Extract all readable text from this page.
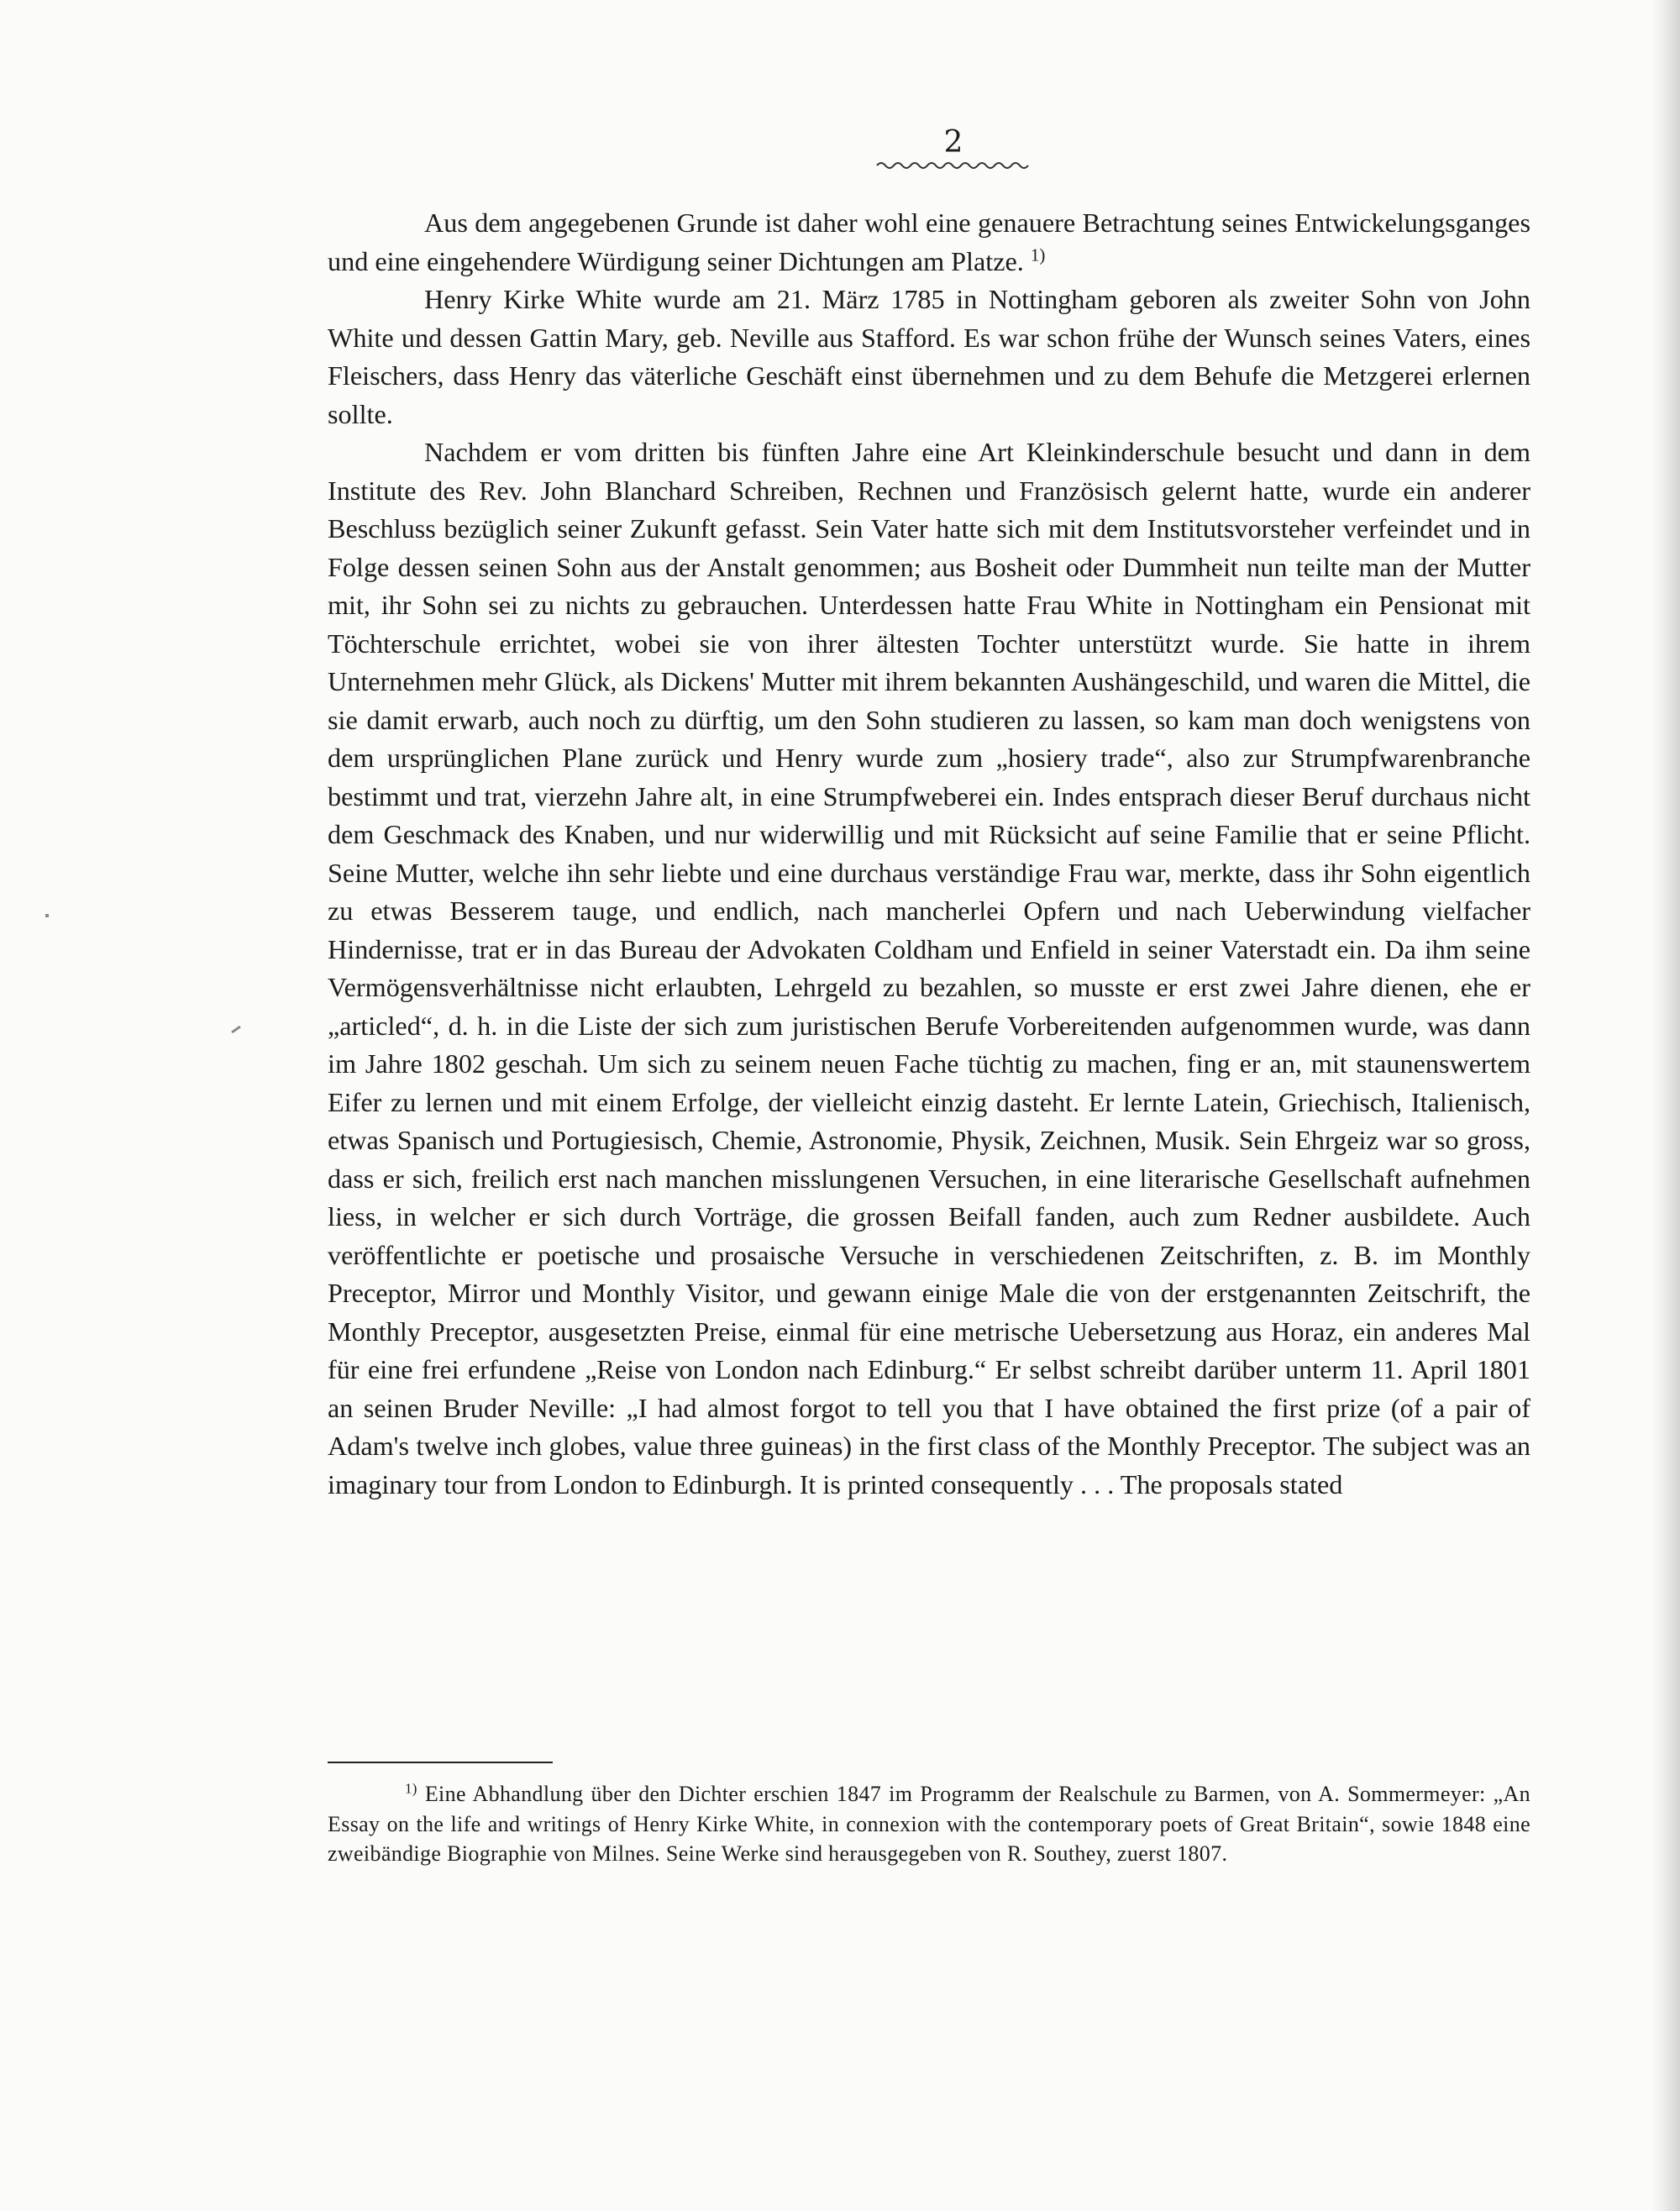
2

Aus dem angegebenen Grunde ist daher wohl eine genauere Betrachtung seines Entwickelungsganges und eine eingehendere Würdigung seiner Dichtungen am Platze. $^{1)}$

Henry Kirke White wurde am 21. März 1785 in Nottingham geboren als zweiter Sohn von John White und dessen Gattin Mary, geb. Neville aus Stafford. Es war schon frühe der Wunsch seines Vaters, eines Fleischers, dass Henry das väterliche Geschäft einst übernehmen und zu dem Behufe die Metzgerei erlernen sollte.

Nachdem er vom dritten bis fünften Jahre eine Art Kleinkinderschule besucht und dann in dem Institute des Rev. John Blanchard Schreiben, Rechnen und Französisch gelernt hatte, wurde ein anderer Beschluss bezüglich seiner Zukunft gefasst. Sein Vater hatte sich mit dem Institutsvorsteher verfeindet und in Folge dessen seinen Sohn aus der Anstalt genommen; aus Bosheit oder Dummheit nun teilte man der Mutter mit, ihr Sohn sei zu nichts zu gebrauchen. Unterdessen hatte Frau White in Nottingham ein Pensionat mit Töchterschule errichtet, wobei sie von ihrer ältesten Tochter unterstützt wurde. Sie hatte in ihrem Unternehmen mehr Glück, als Dickens' Mutter mit ihrem bekannten Aushängeschild, und waren die Mittel, die sie damit erwarb, auch noch zu dürftig, um den Sohn studieren zu lassen, so kam man doch wenigstens von dem ursprünglichen Plane zurück und Henry wurde zum „hosiery trade“, also zur Strumpfwarenbranche bestimmt und trat, vierzehn Jahre alt, in eine Strumpfweberei ein. Indes entsprach dieser Beruf durchaus nicht dem Geschmack des Knaben, und nur widerwillig und mit Rücksicht auf seine Familie that er seine Pflicht. Seine Mutter, welche ihn sehr liebte und eine durchaus verständige Frau war, merkte, dass ihr Sohn eigentlich zu etwas Besserem tauge, und endlich, nach mancherlei Opfern und nach Ueberwindung vielfacher Hindernisse, trat er in das Bureau der Advokaten Coldham und Enfield in seiner Vaterstadt ein. Da ihm seine Vermögensverhältnisse nicht erlaubten, Lehrgeld zu bezahlen, so musste er erst zwei Jahre dienen, ehe er „articled“, d. h. in die Liste der sich zum juristischen Berufe Vorbereitenden aufgenommen wurde, was dann im Jahre 1802 geschah. Um sich zu seinem neuen Fache tüchtig zu machen, fing er an, mit staunenswertem Eifer zu lernen und mit einem Erfolge, der vielleicht einzig dasteht. Er lernte Latein, Griechisch, Italienisch, etwas Spanisch und Portugiesisch, Chemie, Astronomie, Physik, Zeichnen, Musik. Sein Ehrgeiz war so gross, dass er sich, freilich erst nach manchen misslungenen Versuchen, in eine literarische Gesellschaft aufnehmen liess, in welcher er sich durch Vorträge, die grossen Beifall fanden, auch zum Redner ausbildete. Auch veröffentlichte er poetische und prosaische Versuche in verschiedenen Zeitschriften, z. B. im Monthly Preceptor, Mirror und Monthly Visitor, und gewann einige Male die von der erstgenannten Zeitschrift, the Monthly Preceptor, ausgesetzten Preise, einmal für eine metrische Uebersetzung aus Horaz, ein anderes Mal für eine frei erfundene „Reise von London nach Edinburg.“ Er selbst schreibt darüber unterm 11. April 1801 an seinen Bruder Neville: „I had almost forgot to tell you that I have obtained the first prize (of a pair of Adam's twelve inch globes, value three guineas) in the first class of the Monthly Preceptor. The subject was an imaginary tour from London to Edinburgh. It is printed consequently . . . The proposals stated

$^{1)}$ Eine Abhandlung über den Dichter erschien 1847 im Programm der Realschule zu Barmen, von A. Sommermeyer: „An Essay on the life and writings of Henry Kirke White, in connexion with the contemporary poets of Great Britain“, sowie 1848 eine zweibändige Biographie von Milnes. Seine Werke sind herausgegeben von R. Southey, zuerst 1807.
